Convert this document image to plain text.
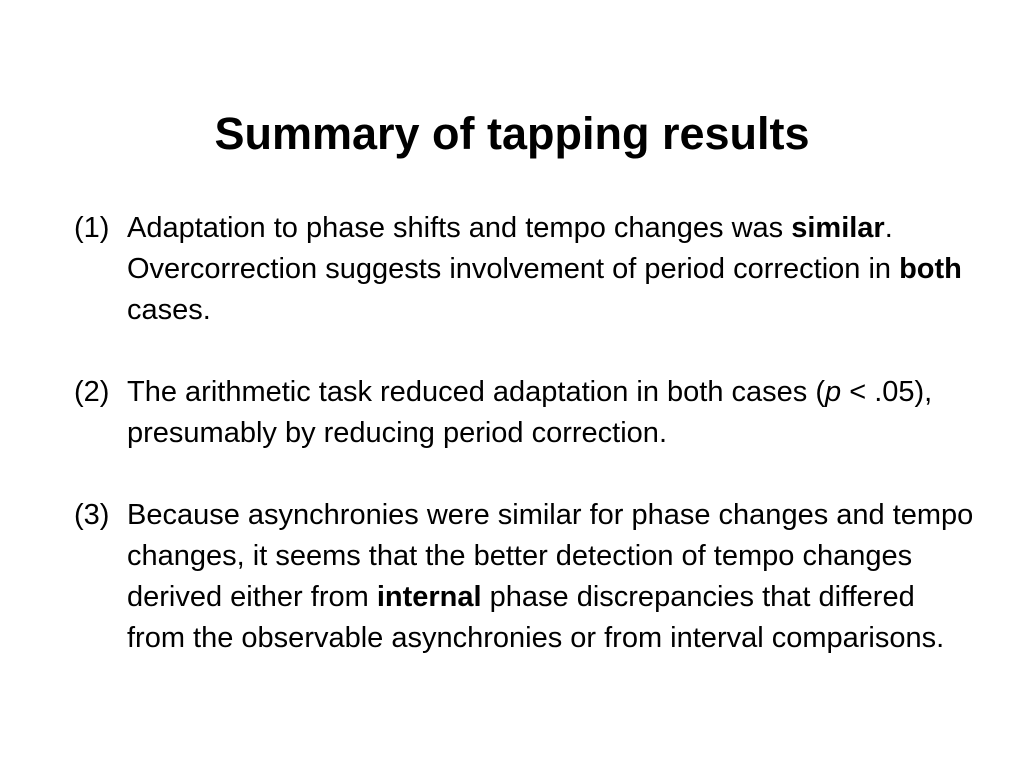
Summary of tapping results
(1) Adaptation to phase shifts and tempo changes was similar. Overcorrection suggests involvement of period correction in both cases.
(2) The arithmetic task reduced adaptation in both cases (p < .05), presumably by reducing period correction.
(3) Because asynchronies were similar for phase changes and tempo changes, it seems that the better detection of tempo changes derived either from internal phase discrepancies that differed from the observable asynchronies or from interval comparisons.
